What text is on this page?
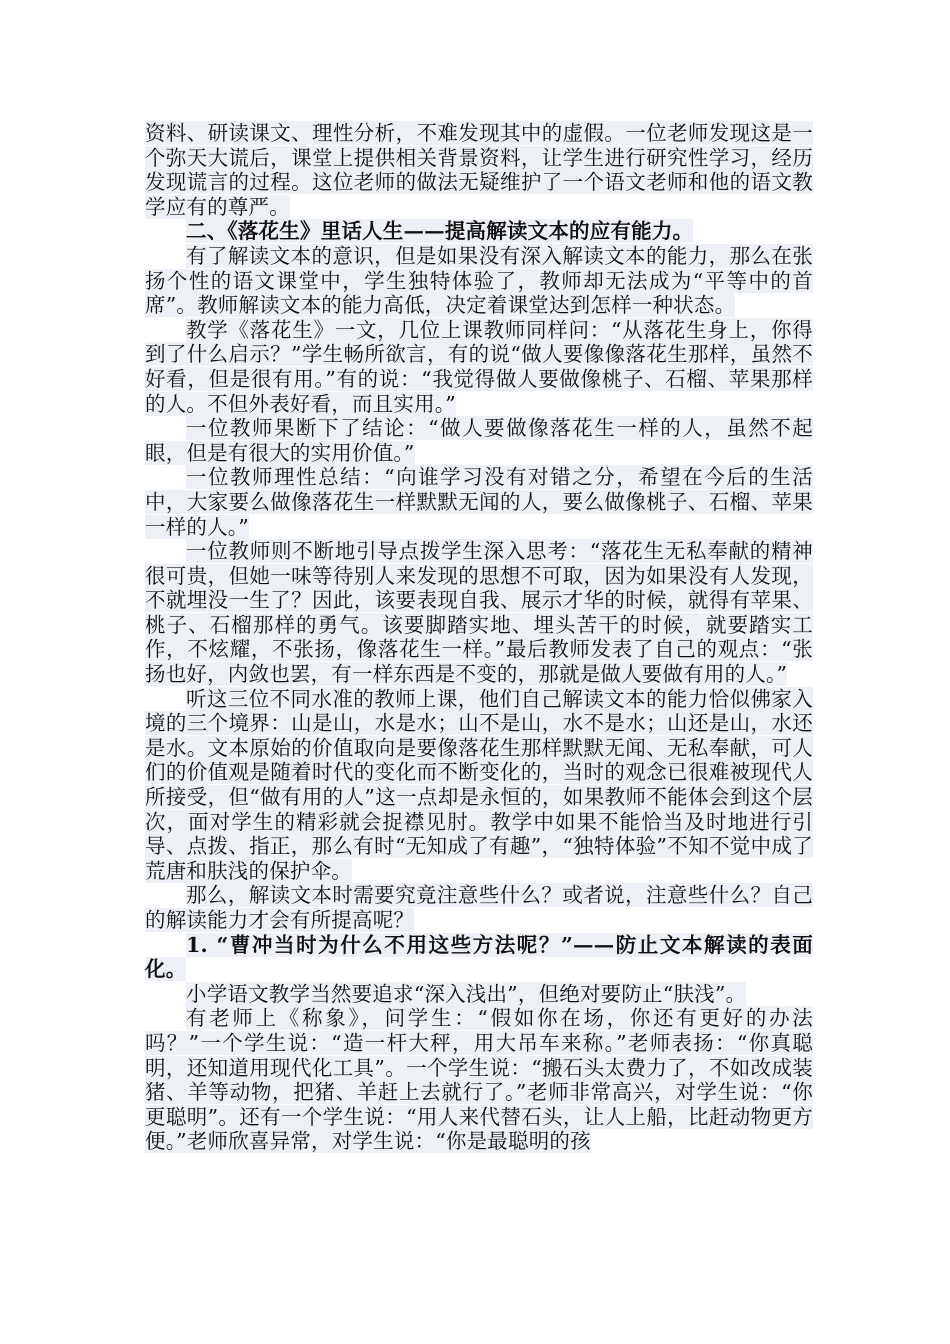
资料、研读课文、理性分析，不难发现其中的虚假。一位老师发现这是一个弥天大谎后，课堂上提供相关背景资料，让学生进行研究性学习，经历发现谎言的过程。这位老师的做法无疑维护了一个语文老师和他的语文教学应有的尊严。

二、《落花生》里话人生——提高解读文本的应有能力。

有了解读文本的意识，但是如果没有深入解读文本的能力，那么在张扬个性的语文课堂中，学生独特体验了，教师却无法成为“平等中的首席”。教师解读文本的能力高低，决定着课堂达到怎样一种状态。

教学《落花生》一文，几位上课教师同样问：“从落花生身上，你得到了什么启示？”学生畅所欲言，有的说“做人要像像落花生那样，虽然不好看，但是很有用。”有的说：“我觉得做人要做像桃子、石榴、苹果那样的人。不但外表好看，而且实用。”

一位教师果断下了结论：“做人要做像落花生一样的人，虽然不起眼，但是有很大的实用价值。”

一位教师理性总结：“向谁学习没有对错之分，希望在今后的生活中，大家要么做像落花生一样默默无闻的人，要么做像桃子、石榴、苹果一样的人。”

一位教师则不断地引导点拨学生深入思考：“落花生无私奉献的精神很可贵，但她一味等待别人来发现的思想不可取，因为如果没有人发现，不就埋没一生了？因此，该要表现自我、展示才华的时候，就得有苹果、桃子、石榴那样的勇气。该要脚踏实地、埋头苦干的时候，就要踏实工作，不炫耀，不张扬，像落花生一样。”最后教师发表了自己的观点：“张扬也好，内敛也罢，有一样东西是不变的，那就是做人要做有用的人。”

听这三位不同水准的教师上课，他们自己解读文本的能力恰似佛家入境的三个境界：山是山，水是水；山不是山，水不是水；山还是山，水还是水。文本原始的价值取向是要像落花生那样默默无闻、无私奉献，可人们的价值观是随着时代的变化而不断变化的，当时的观念已很难被现代人所接受，但“做有用的人”这一点却是永恒的，如果教师不能体会到这个层次，面对学生的精彩就会捉襟见肘。教学中如果不能恰当及时地进行引导、点拨、指正，那么有时“无知成了有趣”，“独特体验”不知不觉中成了荒唐和肤浅的保护伞。

那么，解读文本时需要究竟注意些什么？或者说，注意些什么？自己的解读能力才会有所提高呢？

1. “曹冲当时为什么不用这些方法呢？”——防止文本解读的表面化。

小学语文教学当然要追求“深入浅出”，但绝对要防止“肤浅”。

有老师上《称象》，问学生：“假如你在场，你还有更好的办法吗？”一个学生说：“造一杆大秤，用大吊车来称。”老师表扬：“你真聪明，还知道用现代化工具”。一个学生说：“搬石头太费力了，不如改成装猪、羊等动物，把猪、羊赶上去就行了。”老师非常高兴，对学生说：“你更聪明”。还有一个学生说：“用人来代替石头，让人上船，比赶动物更方便。”老师欣喜异常，对学生说：“你是最聪明的孩
